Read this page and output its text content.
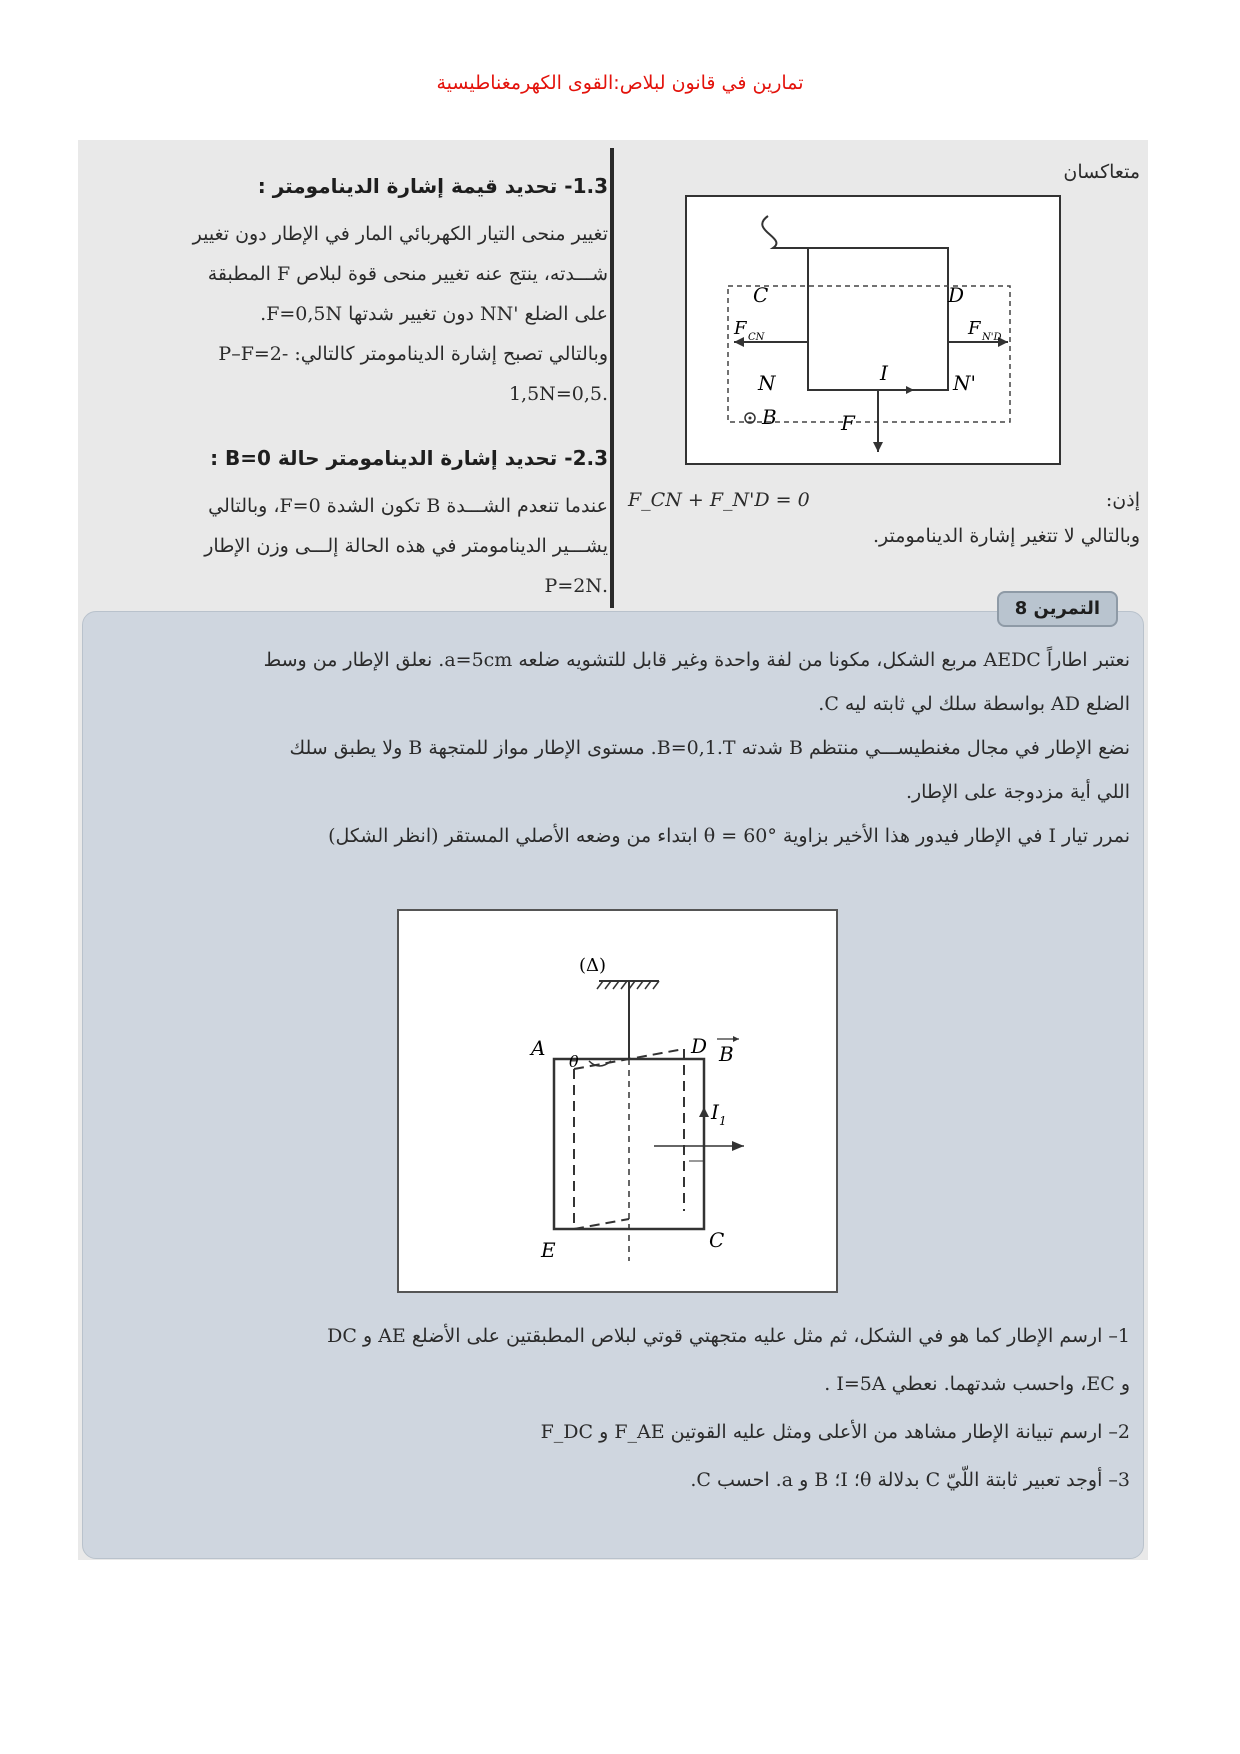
تمارين في قانون لبلاص:القوى الكهرمغناطيسية
1.3- تحديد قيمة إشارة الدينامومتر :
تغيير منحى التيار الكهربائي المار في الإطار دون تغيير
شـــدته، ينتج عنه تغيير منحى قوة لبلاص F المطبقة
على الضلع 'NN دون تغيير شدتها F=0,5N.
وبالتالي تصبح إشارة الدينامومتر كالتالي: -2=P–F
.0,5=1,5N
2.3- تحديد إشارة الدينامومتر حالة B=0 :
عندما تنعدم الشـــدة B تكون الشدة F=0، وبالتالي
يشـــير الدينامومتر في هذه الحالة إلـــى وزن الإطار
.P=2N
متعاكسان
C	D
F CN	F N'D
N	N'
I
B	F
إذن:
F_CN + F_N'D = 0
وبالتالي لا تتغير إشارة الدينامومتر.
التمرين 8
نعتبر اطاراً AEDC مربع الشكل، مكونا من لفة واحدة وغير قابل للتشويه ضلعه a=5cm. نعلق الإطار من وسط
الضلع AD بواسطة سلك لي ثابته ليه C.
نضع الإطار في مجال مغنطيســـي منتظم B شدته B=0,1.T. مستوى الإطار مواز للمتجهة B ولا يطبق سلك
اللي أية مزدوجة على الإطار.
نمرر تيار I في الإطار فيدور هذا الأخير بزاوية θ = 60° ابتداء من وضعه الأصلي المستقر (انظر الشكل)
(Δ)
A	D B
θ
I 1
E	C
1– ارسم الإطار كما هو في الشكل، ثم مثل عليه متجهتي قوتي لبلاص المطبقتين على الأضلع AE و DC
و EC، واحسب شدتهما. نعطي I=5A .
2– ارسم تبيانة الإطار مشاهد من الأعلى ومثل عليه القوتين F_AE و F_DC
3– أوجد تعبير ثابتة اللّيّ C بدلالة θ؛ I؛ B و a. احسب C.
